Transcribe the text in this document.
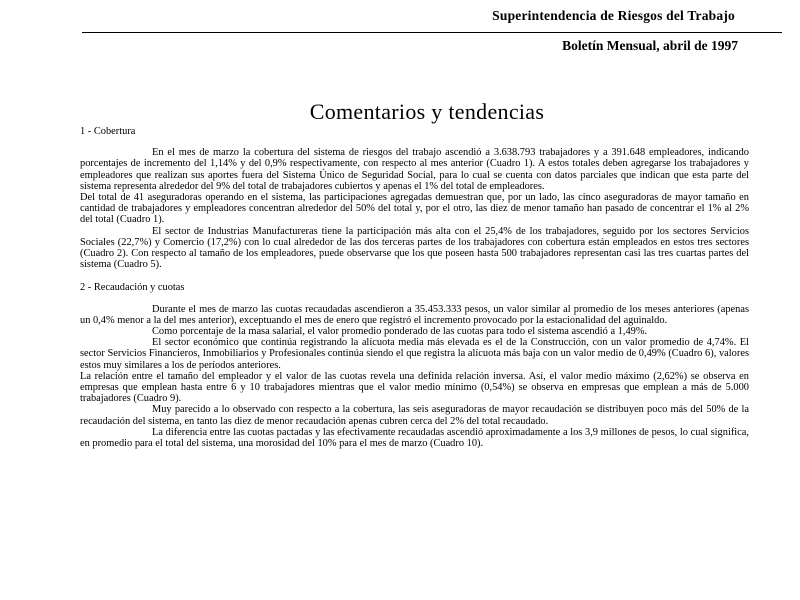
Superintendencia de Riesgos del Trabajo
Boletín Mensual, abril de 1997
Comentarios y tendencias
1 - Cobertura

En el mes de marzo la cobertura del sistema de riesgos del trabajo ascendió a 3.638.793 trabajadores y a 391.648 empleadores, indicando porcentajes de incremento del 1,14% y del 0,9% respectivamente, con respecto al mes anterior (Cuadro 1). A estos totales deben agregarse los trabajadores y empleadores que realizan sus aportes fuera del Sistema Único de Seguridad Social, para lo cual se cuenta con datos parciales que indican que esta parte del sistema representa alrededor del 9% del total de trabajadores cubiertos y apenas el 1% del total de empleadores.

Del total de 41 aseguradoras operando en el sistema, las participaciones agregadas demuestran que, por un lado, las cinco aseguradoras de mayor tamaño en cantidad de trabajadores y empleadores concentran alrededor del 50% del total y, por el otro, las diez de menor tamaño han pasado de concentrar el 1% al 2% del total (Cuadro 1).

El sector de Industrias Manufactureras tiene la participación más alta con el 25,4% de los trabajadores, seguido por los sectores Servicios Sociales (22,7%) y Comercio (17,2%) con lo cual alrededor de las dos terceras partes de los trabajadores con cobertura están empleados en estos tres sectores (Cuadro 2). Con respecto al tamaño de los empleadores, puede observarse que los que poseen hasta 500 trabajadores representan casi las tres cuartas partes del sistema (Cuadro 5).

2 - Recaudación y cuotas

Durante el mes de marzo las cuotas recaudadas ascendieron a 35.453.333 pesos, un valor similar al promedio de los meses anteriores (apenas un 0,4% menor a la del mes anterior), exceptuando el mes de enero que registró el incremento provocado por la estacionalidad del aguinaldo.

Como porcentaje de la masa salarial, el valor promedio ponderado de las cuotas para todo el sistema ascendió a 1,49%.

El sector económico que continúa registrando la alícuota media más elevada es el de la Construcción, con un valor promedio de 4,74%. El sector Servicios Financieros, Inmobiliarios y Profesionales continúa siendo el que registra la alícuota más baja con un valor medio de 0,49% (Cuadro 6), valores estos muy similares a los de períodos anteriores.

La relación entre el tamaño del empleador y el valor de las cuotas revela una definida relación inversa. Así, el valor medio máximo (2,62%) se observa en empresas que emplean hasta entre 6 y 10 trabajadores mientras que el valor medio mínimo (0,54%) se observa en empresas que emplean a más de 5.000 trabajadores (Cuadro 9).

Muy parecido a lo observado con respecto a la cobertura, las seis aseguradoras de mayor recaudación se distribuyen poco más del 50% de la recaudación del sistema, en tanto las diez de menor recaudación apenas cubren cerca del 2% del total recaudado.

La diferencia entre las cuotas pactadas y las efectivamente recaudadas ascendió aproximadamente a los 3,9 millones de pesos, lo cual significa, en promedio para el total del sistema, una morosidad del 10% para el mes de marzo (Cuadro 10).
